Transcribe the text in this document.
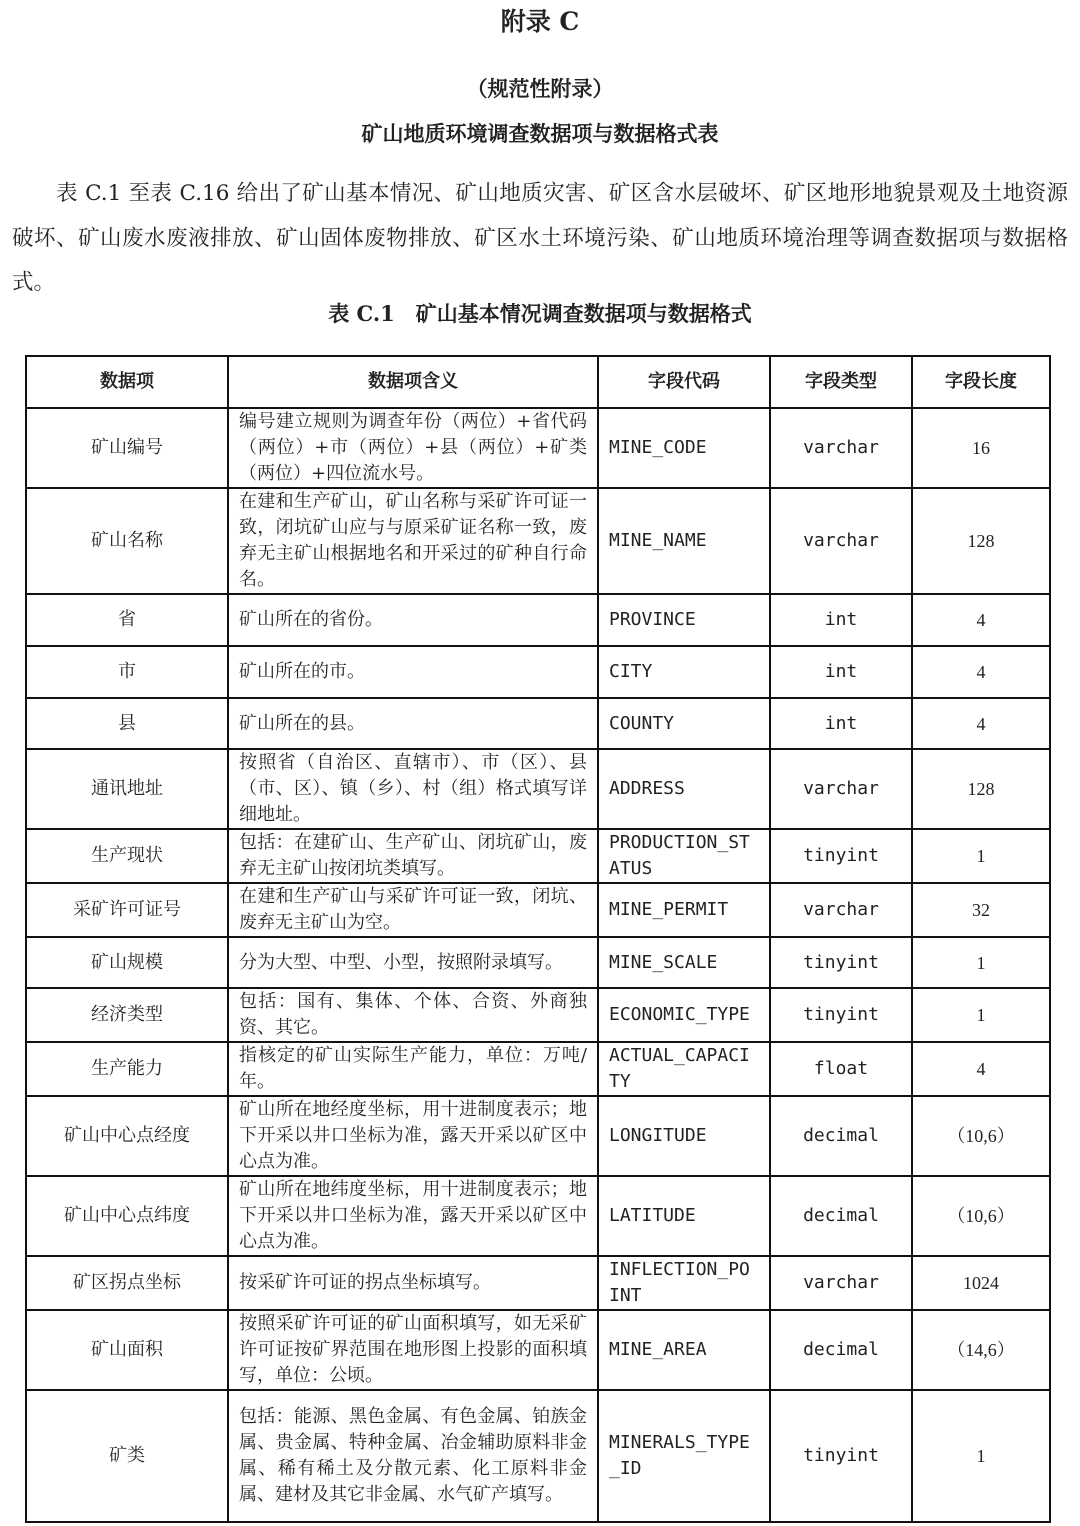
附录 C
（规范性附录）
矿山地质环境调查数据项与数据格式表

表 C.1 至表 C.16 给出了矿山基本情况、矿山地质灾害、矿区含水层破坏、矿区地形地貌景观及土地资源破坏、矿山废水废液排放、矿山固体废物排放、矿区水土环境污染、矿山地质环境治理等调查数据项与数据格式。

表 C.1　矿山基本情况调查数据项与数据格式
数据项	数据项含义	字段代码	字段类型	字段长度
矿山编号	编号建立规则为调查年份（两位）+省代码（两位）+市（两位）+县（两位）+矿类（两位）+四位流水号。	MINE_CODE	varchar	16
矿山名称	在建和生产矿山，矿山名称与采矿许可证一致，闭坑矿山应与与原采矿证名称一致，废弃无主矿山根据地名和开采过的矿种自行命名。	MINE_NAME	varchar	128
省	矿山所在的省份。	PROVINCE	int	4
市	矿山所在的市。	CITY	int	4
县	矿山所在的县。	COUNTY	int	4
通讯地址	按照省（自治区、直辖市）、市（区）、县（市、区）、镇（乡）、村（组）格式填写详细地址。	ADDRESS	varchar	128
生产现状	包括：在建矿山、生产矿山、闭坑矿山，废弃无主矿山按闭坑类填写。	PRODUCTION_STATUS	tinyint	1
采矿许可证号	在建和生产矿山与采矿许可证一致，闭坑、废弃无主矿山为空。	MINE_PERMIT	varchar	32
矿山规模	分为大型、中型、小型，按照附录填写。	MINE_SCALE	tinyint	1
经济类型	包括：国有、集体、个体、合资、外商独资、其它。	ECONOMIC_TYPE	tinyint	1
生产能力	指核定的矿山实际生产能力，单位：万吨/年。	ACTUAL_CAPACITY	float	4
矿山中心点经度	矿山所在地经度坐标，用十进制度表示；地下开采以井口坐标为准，露天开采以矿区中心点为准。	LONGITUDE	decimal	（10,6）
矿山中心点纬度	矿山所在地纬度坐标，用十进制度表示；地下开采以井口坐标为准，露天开采以矿区中心点为准。	LATITUDE	decimal	（10,6）
矿区拐点坐标	按采矿许可证的拐点坐标填写。	INFLECTION_POINT	varchar	1024
矿山面积	按照采矿许可证的矿山面积填写，如无采矿许可证按矿界范围在地形图上投影的面积填写，单位：公顷。	MINE_AREA	decimal	（14,6）
矿类	包括：能源、黑色金属、有色金属、铂族金属、贵金属、特种金属、冶金辅助原料非金属、稀有稀土及分散元素、化工原料非金属、建材及其它非金属、水气矿产填写。	MINERALS_TYPE_ID	tinyint	1
